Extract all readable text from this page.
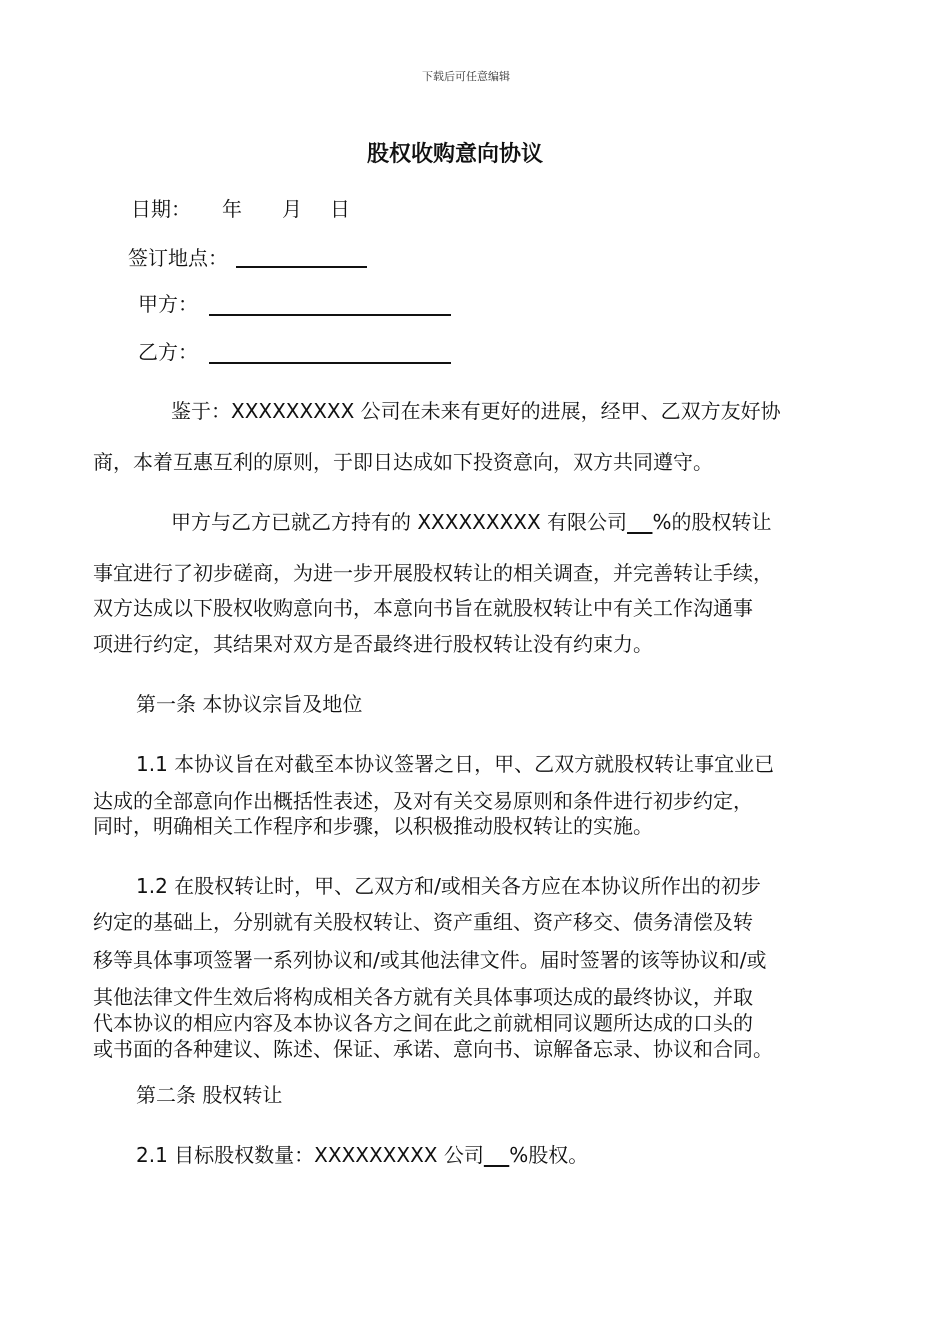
下载后可任意编辑
股权收购意向协议
日期： 年 月 日
签订地点：
甲方：
乙方：
鉴于：XXXXXXXXX 公司在未来有更好的进展，经甲、乙双方友好协
商，本着互惠互利的原则，于即日达成如下投资意向，双方共同遵守。
甲方与乙方已就乙方持有的 XXXXXXXXX 有限公司 %的股权转让
事宜进行了初步磋商，为进一步开展股权转让的相关调查，并完善转让手续，
双方达成以下股权收购意向书，本意向书旨在就股权转让中有关工作沟通事
项进行约定，其结果对双方是否最终进行股权转让没有约束力。
第一条 本协议宗旨及地位
1.1 本协议旨在对截至本协议签署之日，甲、乙双方就股权转让事宜业已
达成的全部意向作出概括性表述，及对有关交易原则和条件进行初步约定，
同时，明确相关工作程序和步骤，以积极推动股权转让的实施。
1.2 在股权转让时，甲、乙双方和/或相关各方应在本协议所作出的初步
约定的基础上，分别就有关股权转让、资产重组、资产移交、债务清偿及转
移等具体事项签署一系列协议和/或其他法律文件。届时签署的该等协议和/或
其他法律文件生效后将构成相关各方就有关具体事项达成的最终协议，并取
代本协议的相应内容及本协议各方之间在此之前就相同议题所达成的口头的
或书面的各种建议、陈述、保证、承诺、意向书、谅解备忘录、协议和合同。
第二条 股权转让
2.1 目标股权数量：XXXXXXXXX 公司 %股权。
